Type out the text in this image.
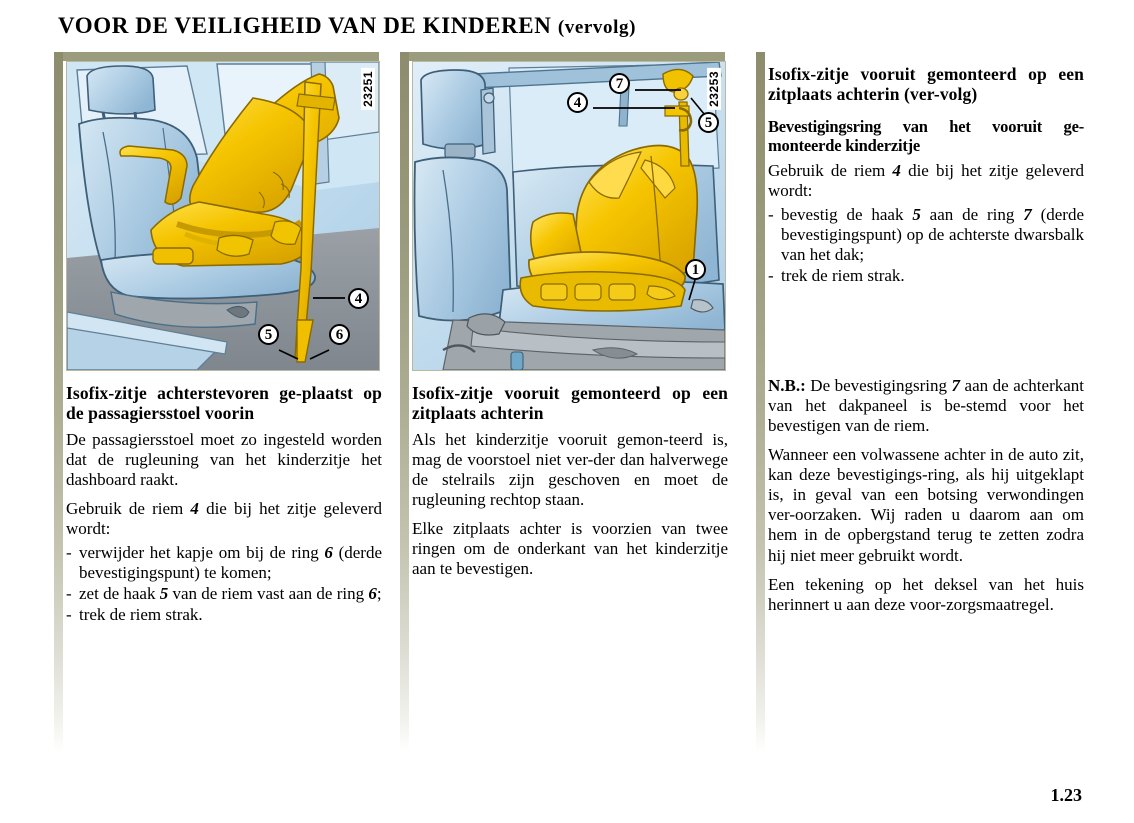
VOOR DE VEILIGHEID VAN DE KINDEREN (vervolg)
23251
4
5	6
Isofix-zitje achterstevoren ge-plaatst op de passagiersstoel voorin

De passagiersstoel moet zo ingesteld worden dat de rugleuning van het kinderzitje het dashboard raakt.

Gebruik de riem 4 die bij het zitje geleverd wordt:

- verwijder het kapje om bij de ring 6 (derde bevestigingspunt) te komen;
- zet de haak 5 van de riem vast aan de ring 6;
- trek de riem strak.
23253
7
4
5
1
Isofix-zitje vooruit gemonteerd op een zitplaats achterin

Als het kinderzitje vooruit gemon-teerd is, mag de voorstoel niet ver-der dan halverwege de stelrails zijn geschoven en moet de rugleuning rechtop staan.

Elke zitplaats achter is voorzien van twee ringen om de onderkant van het kinderzitje aan te bevestigen.

Isofix-zitje vooruit gemonteerd op een zitplaats achterin (ver-volg)
Bevestigingsring van het vooruit ge-monteerde kinderzitje

Gebruik de riem 4 die bij het zitje geleverd wordt:

- bevestig de haak 5 aan de ring 7 (derde bevestigingspunt) op de achterste dwarsbalk van het dak;
- trek de riem strak.

N.B.: De bevestigingsring 7 aan de achterkant van het dakpaneel is be-stemd voor het bevestigen van de riem.

Wanneer een volwassene achter in de auto zit, kan deze bevestigings-ring, als hij uitgeklapt is, in geval van een botsing verwondingen ver-oorzaken. Wij raden u daarom aan om hem in de opbergstand terug te zetten zodra hij niet meer gebruikt wordt.

Een tekening op het deksel van het huis herinnert u aan deze voor-zorgsmaatregel.

1.23
